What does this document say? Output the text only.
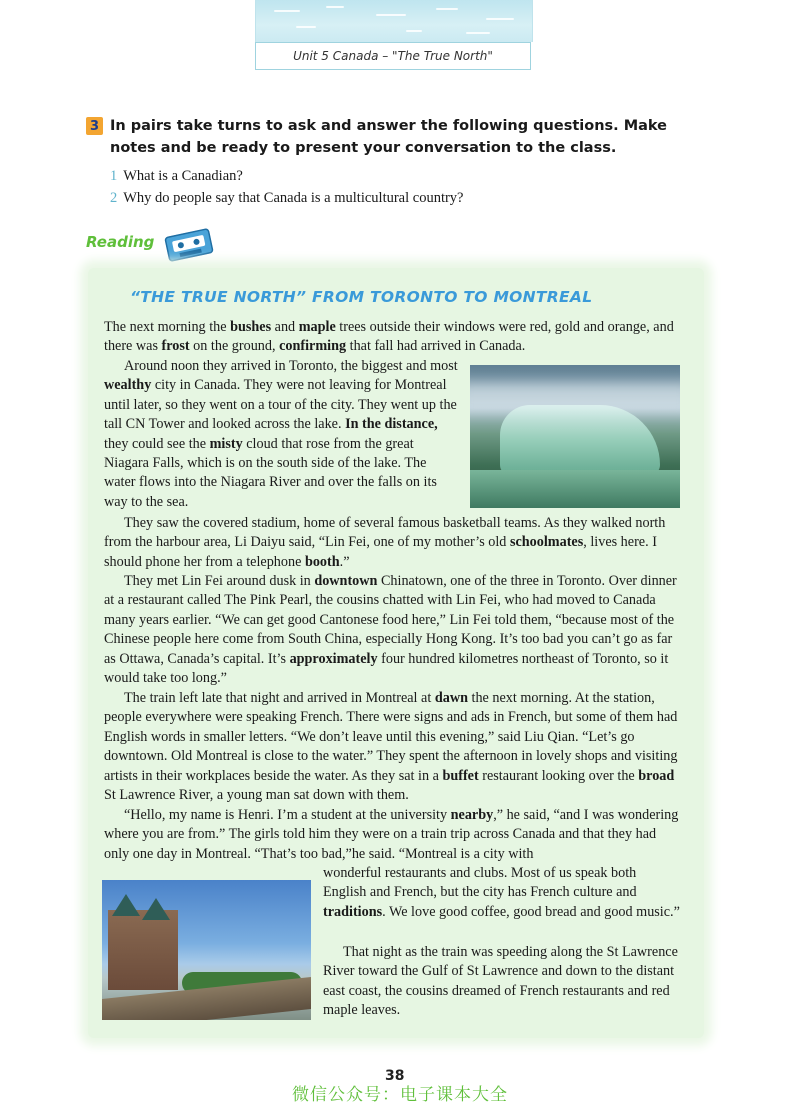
Unit 5 Canada – "The True North"
3 In pairs take turns to ask and answer the following questions. Make notes and be ready to present your conversation to the class.
1 What is a Canadian?
2 Why do people say that Canada is a multicultural country?
Reading
“THE TRUE NORTH” FROM TORONTO TO MONTREAL
The next morning the bushes and maple trees outside their windows were red, gold and orange, and there was frost on the ground, confirming that fall had arrived in Canada.
Around noon they arrived in Toronto, the biggest and most wealthy city in Canada. They were not leaving for Montreal until later, so they went on a tour of the city. They went up the tall CN Tower and looked across the lake. In the distance, they could see the misty cloud that rose from the great Niagara Falls, which is on the south side of the lake. The water flows into the Niagara River and over the falls on its way to the sea.
They saw the covered stadium, home of several famous basketball teams. As they walked north from the harbour area, Li Daiyu said, “Lin Fei, one of my mother’s old schoolmates, lives here. I should phone her from a telephone booth.”
They met Lin Fei around dusk in downtown Chinatown, one of the three in Toronto. Over dinner at a restaurant called The Pink Pearl, the cousins chatted with Lin Fei, who had moved to Canada many years earlier. “We can get good Cantonese food here,” Lin Fei told them, “because most of the Chinese people here come from South China, especially Hong Kong. It’s too bad you can’t go as far as Ottawa, Canada’s capital. It’s approximately four hundred kilometres northeast of Toronto, so it would take too long.”
The train left late that night and arrived in Montreal at dawn the next morning. At the station, people everywhere were speaking French. There were signs and ads in French, but some of them had English words in smaller letters. “We don’t leave until this evening,” said Liu Qian. “Let’s go downtown. Old Montreal is close to the water.” They spent the afternoon in lovely shops and visiting artists in their workplaces beside the water. As they sat in a buffet restaurant looking over the broad St Lawrence River, a young man sat down with them.
“Hello, my name is Henri. I’m a student at the university nearby,” he said, “and I was wondering where you are from.” The girls told him they were on a train trip across Canada and that they had only one day in Montreal. “That’s too bad,”he said. “Montreal is a city with
wonderful restaurants and clubs. Most of us speak both English and French, but the city has French culture and traditions. We love good coffee, good bread and good music.”
That night as the train was speeding along the St Lawrence River toward the Gulf of St Lawrence and down to the distant east coast, the cousins dreamed of French restaurants and red maple leaves.
微信公众号：电子课本大全
38
